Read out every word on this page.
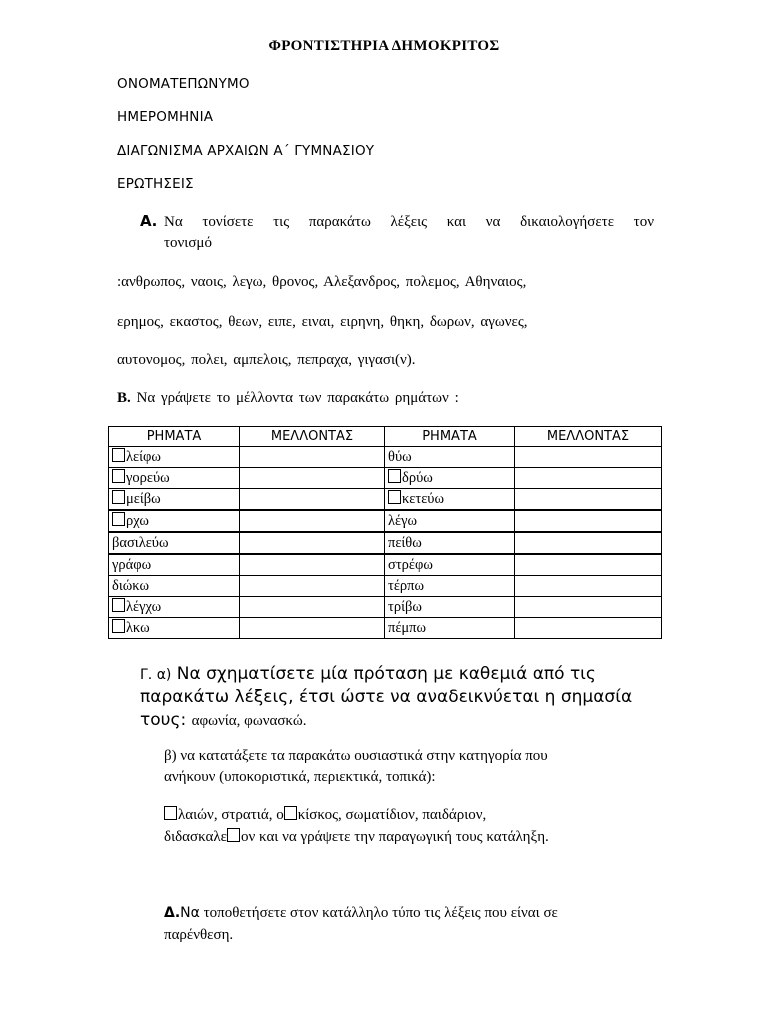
ΦΡΟΝΤΙΣΤΗΡΙΑ ΔΗΜΟΚΡΙΤΟΣ
ΟΝΟΜΑΤΕΠΩΝΥΜΟ
ΗΜΕΡΟΜΗΝΙΑ
ΔΙΑΓΩΝΙΣΜΑ ΑΡΧΑΙΩΝ Α΄ ΓΥΜΝΑΣΙΟΥ
ΕΡΩΤΗΣΕΙΣ
Α. Να τονίσετε τις παρακάτω λέξεις και να δικαιολογήσετε τον
τονισμό
:ανθρωπος, ναοις, λεγω, θρονος, Αλεξανδρος, πολεμος, Αθηναιος,
ερημος, εκαστος, θεων, ειπε, ειναι, ειρηνη, θηκη, δωρων, αγωνες,
αυτονομος, πολει, αμπελοις, πεπραχα, γιγασι(ν).
Β. Να γράψετε το μέλλοντα των παρακάτω ρημάτων :
ΡΗΜΑΤΑ	ΜΕΛΛΟΝΤΑΣ	ΡΗΜΑΤΑ	ΜΕΛΛΟΝΤΑΣ
λείφω		θύω	
γορεύω		δρύω	
μείβω		κετεύω	
ρχω		λέγω	
βασιλεύω		πείθω	
γράφω		στρέφω	
διώκω		τέρπω	
λέγχω		τρίβω	
λκω		πέμπω	
Γ. α) Να σχηματίσετε μία πρόταση με καθεμιά από τις
παρακάτω λέξεις, έτσι ώστε να αναδεικνύεται η σημασία
τους: αφωνία, φωνασκώ.
β) να κατατάξετε τα παρακάτω ουσιαστικά στην κατηγορία που
ανήκουν (υποκοριστικά, περιεκτικά, τοπικά):
λαιών, στρατιά, ο κίσκος, σωματίδιον, παιδάριον,
διδασκαλε ον και να γράψετε την παραγωγική τους κατάληξη.
Δ.Να τοποθετήσετε στον κατάλληλο τύπο τις λέξεις που είναι σε
παρένθεση.
